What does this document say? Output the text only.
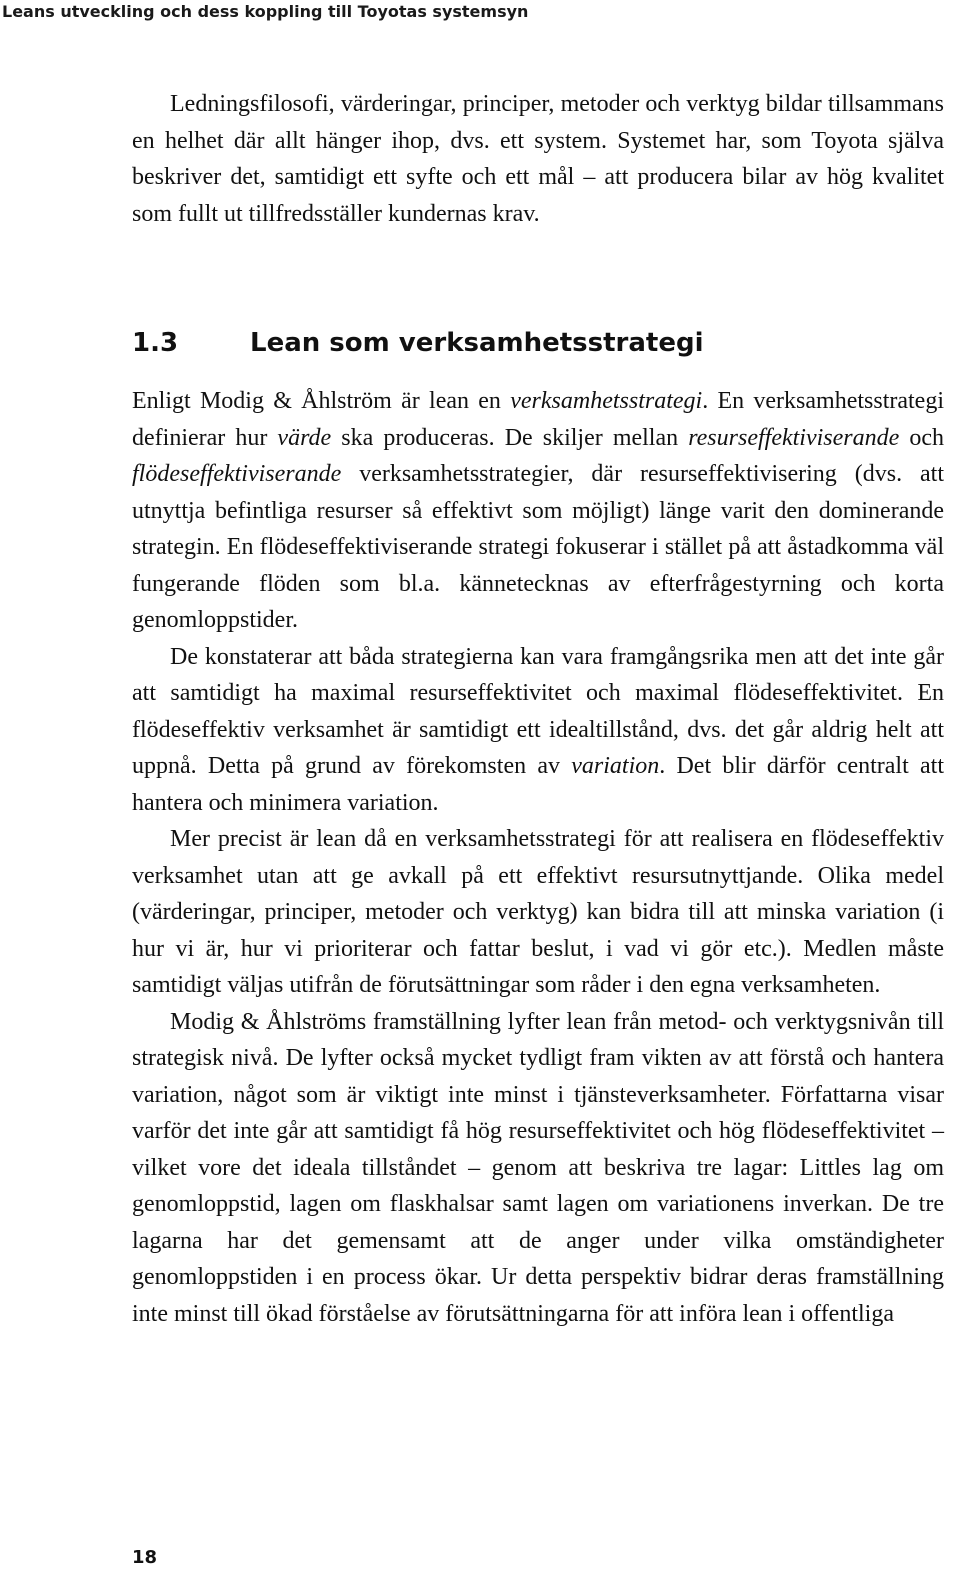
Leans utveckling och dess koppling till Toyotas systemsyn

Ledningsfilosofi, värderingar, principer, metoder och verktyg bildar tillsammans en helhet där allt hänger ihop, dvs. ett system. Systemet har, som Toyota själva beskriver det, samtidigt ett syfte och ett mål – att producera bilar av hög kvalitet som fullt ut tillfredsställer kundernas krav.

1.3	Lean som verksamhetsstrategi

Enligt Modig & Åhlström är lean en verksamhetsstrategi. En verksamhetsstrategi definierar hur värde ska produceras. De skiljer mellan resurseffektiviserande och flödeseffektiviserande verksamhetsstrategier, där resurseffektivisering (dvs. att utnyttja befintliga resurser så effektivt som möjligt) länge varit den dominerande strategin. En flödeseffektiviserande strategi fokuserar i stället på att åstadkomma väl fungerande flöden som bl.a. kännetecknas av efterfrågestyrning och korta genomloppstider.

De konstaterar att båda strategierna kan vara framgångsrika men att det inte går att samtidigt ha maximal resurseffektivitet och maximal flödeseffektivitet. En flödeseffektiv verksamhet är samtidigt ett idealtillstånd, dvs. det går aldrig helt att uppnå. Detta på grund av förekomsten av variation. Det blir därför centralt att hantera och minimera variation.

Mer precist är lean då en verksamhetsstrategi för att realisera en flödeseffektiv verksamhet utan att ge avkall på ett effektivt resursutnyttjande. Olika medel (värderingar, principer, metoder och verktyg) kan bidra till att minska variation (i hur vi är, hur vi prioriterar och fattar beslut, i vad vi gör etc.). Medlen måste samtidigt väljas utifrån de förutsättningar som råder i den egna verksamheten.

Modig & Åhlströms framställning lyfter lean från metod- och verktygsnivån till strategisk nivå. De lyfter också mycket tydligt fram vikten av att förstå och hantera variation, något som är viktigt inte minst i tjänsteverksamheter. Författarna visar varför det inte går att samtidigt få hög resurseffektivitet och hög flödeseffektivitet – vilket vore det ideala tillståndet – genom att beskriva tre lagar: Littles lag om genomloppstid, lagen om flaskhalsar samt lagen om variationens inverkan. De tre lagarna har det gemensamt att de anger under vilka omständigheter genomloppstiden i en process ökar. Ur detta perspektiv bidrar deras framställning inte minst till ökad förståelse av förutsättningarna för att införa lean i offentliga

18
